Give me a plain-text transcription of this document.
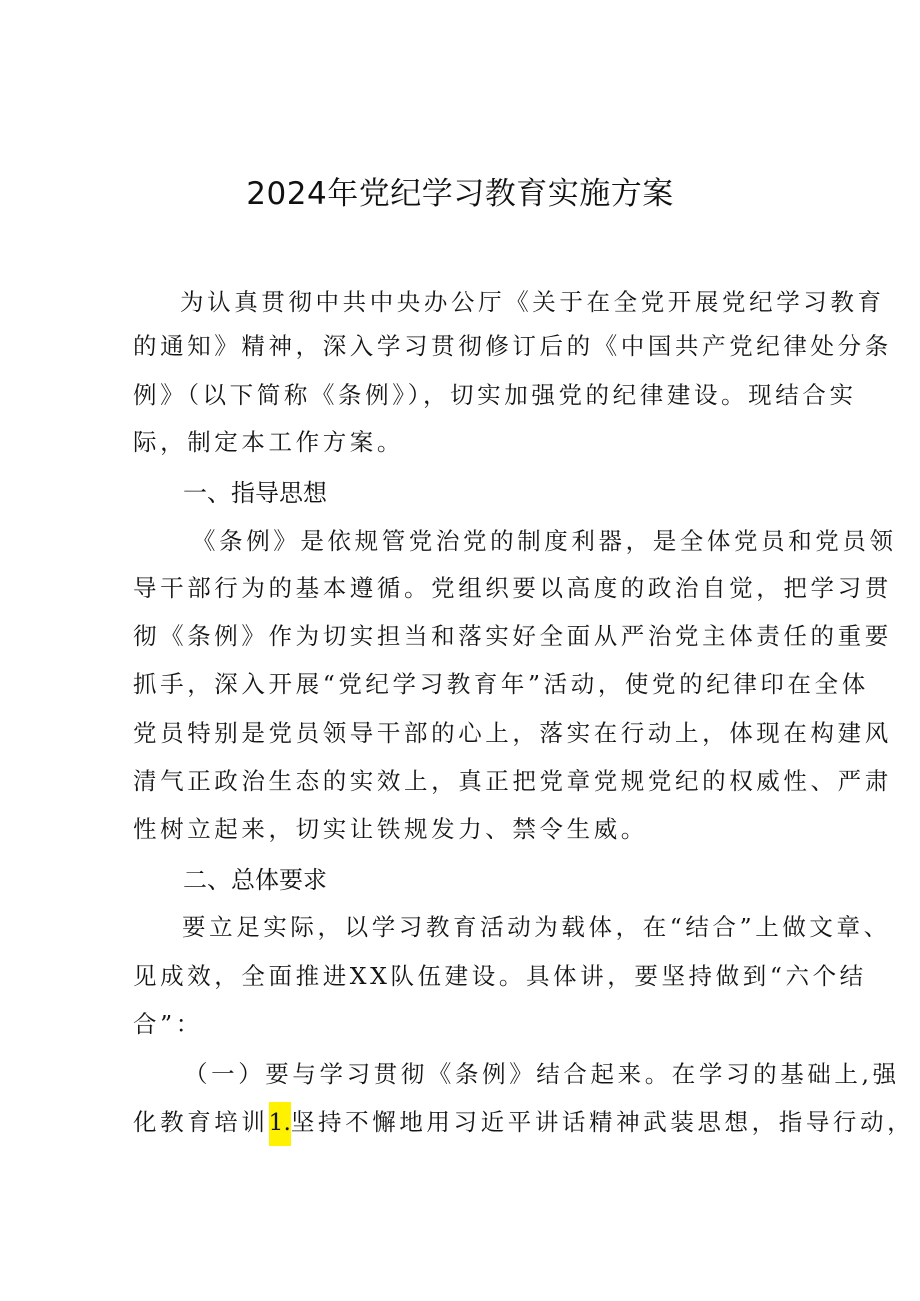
2024年党纪学习教育实施方案
为认真贯彻中共中央办公厅《关于在全党开展党纪学习教育
的通知》精神，深入学习贯彻修订后的《中国共产党纪律处分条
例》（以下简称《条例》），切实加强党的纪律建设。现结合实
际，制定本工作方案。
一、指导思想
《条例》是依规管党治党的制度利器，是全体党员和党员领
导干部行为的基本遵循。党组织要以高度的政治自觉，把学习贯
彻《条例》作为切实担当和落实好全面从严治党主体责任的重要
抓手，深入开展“党纪学习教育年”活动，使党的纪律印在全体
党员特别是党员领导干部的心上，落实在行动上，体现在构建风
清气正政治生态的实效上，真正把党章党规党纪的权威性、严肃
性树立起来，切实让铁规发力、禁令生威。
二、总体要求
要立足实际，以学习教育活动为载体，在“结合”上做文章、
见成效，全面推进XX队伍建设。具体讲，要坚持做到“六个结
合”：
（一）要与学习贯彻《条例》结合起来。在学习的基础上,强
化教育培训1.坚持不懈地用习近平讲话精神武装思想，指导行动，
